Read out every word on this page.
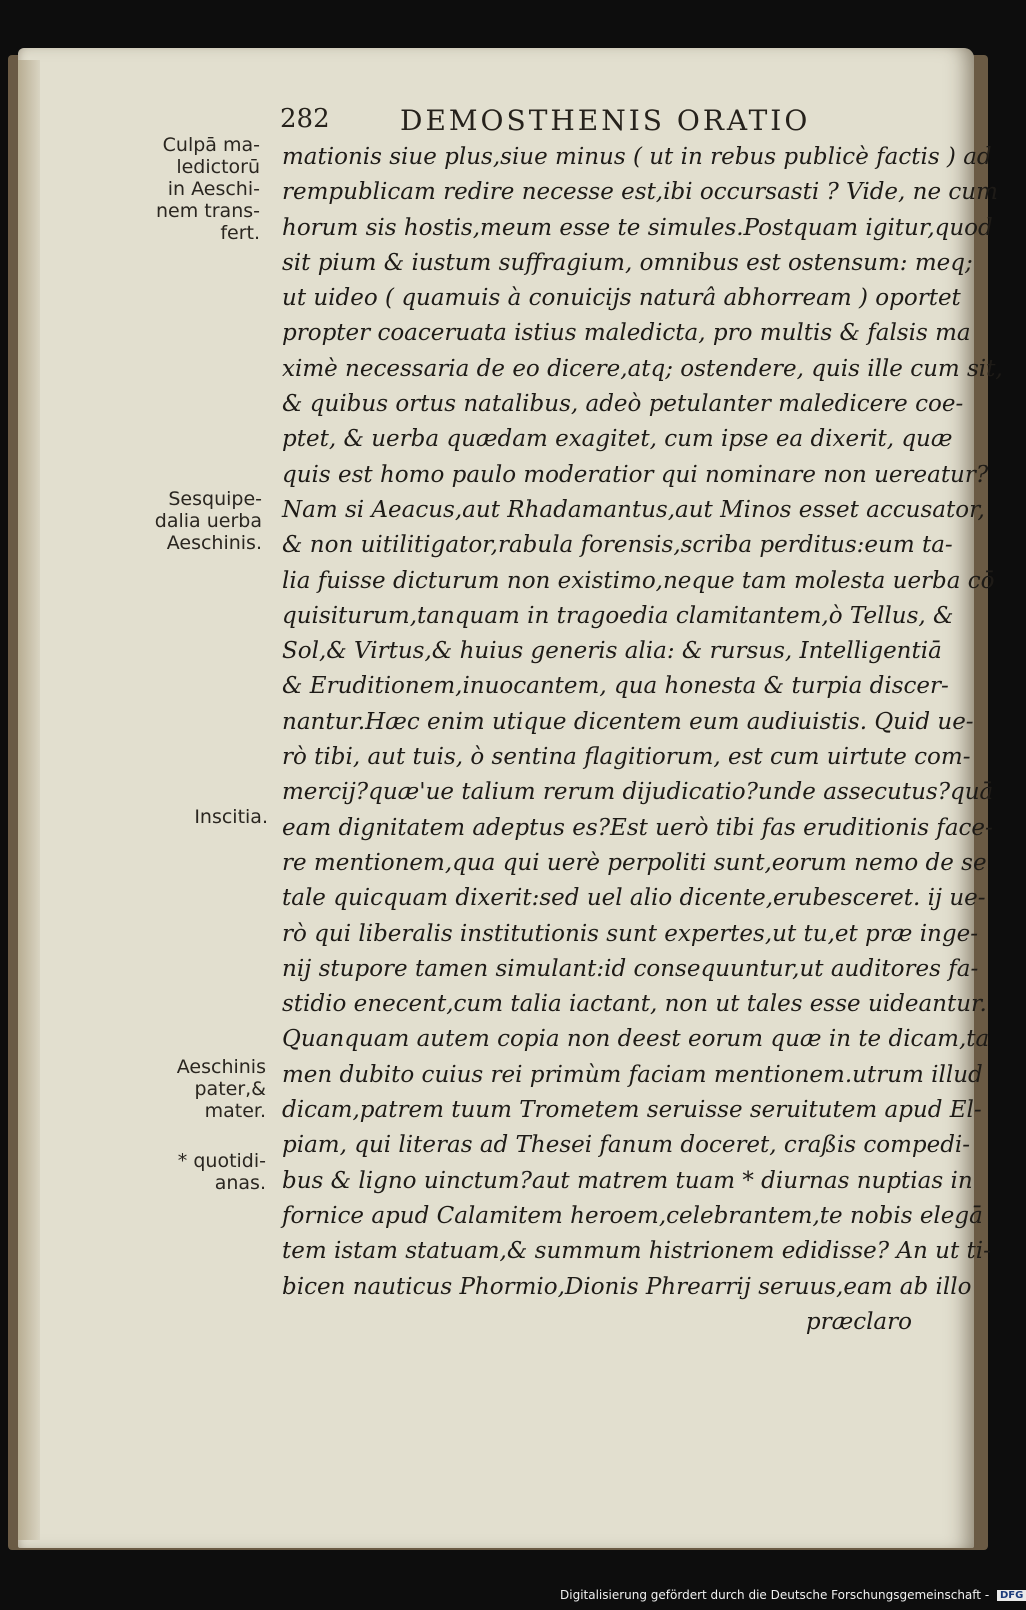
282	DEMOSTHENIS ORATIO
Culpā ma-
ledictorū
in Aeschi-
nem trans-
fert.
Sesquipe-
dalia uerba
Aeschinis.
Inscitia.
Aeschinis
pater,&
mater.
* quotidi-
anas.
mationis siue plus,siue minus ( ut in rebus publicè factis ) ad
rempublicam redire necesse est,ibi occursasti ? Vide, ne cum
horum sis hostis,meum esse te simules.Postquam igitur,quod
sit pium & iustum suffragium, omnibus est ostensum: meq;
ut uideo ( quamuis à conuicijs naturâ abhorream ) oportet
propter coaceruata istius maledicta, pro multis & falsis ma
ximè necessaria de eo dicere,atq; ostendere, quis ille cum sit,
& quibus ortus natalibus, adeò petulanter maledicere coe-
ptet, & uerba quædam exagitet, cum ipse ea dixerit, quæ
quis est homo paulo moderatior qui nominare non uereatur?
Nam si Aeacus,aut Rhadamantus,aut Minos esset accusator,
& non uitilitigator,rabula forensis,scriba perditus:eum ta-
lia fuisse dicturum non existimo,neque tam molesta uerba cō
quisiturum,tanquam in tragoedia clamitantem,ò Tellus, &
Sol,& Virtus,& huius generis alia: & rursus, Intelligentiā
& Eruditionem,inuocantem, qua honesta & turpia discer-
nantur.Hæc enim utique dicentem eum audiuistis. Quid ue-
rò tibi, aut tuis, ò sentina flagitiorum, est cum uirtute com-
mercij?quæ'ue talium rerum dijudicatio?unde assecutus?quā
eam dignitatem adeptus es?Est uerò tibi fas eruditionis face-
re mentionem,qua qui uerè perpoliti sunt,eorum nemo de se
tale quicquam dixerit:sed uel alio dicente,erubesceret. ij ue-
rò qui liberalis institutionis sunt expertes,ut tu,et præ inge-
nij stupore tamen simulant:id consequuntur,ut auditores fa-
stidio enecent,cum talia iactant, non ut tales esse uideantur.
Quanquam autem copia non deest eorum quæ in te dicam,ta
men dubito cuius rei primùm faciam mentionem.utrum illud
dicam,patrem tuum Trometem seruisse seruitutem apud El-
piam, qui literas ad Thesei fanum doceret, craßis compedi-
bus & ligno uinctum?aut matrem tuam * diurnas nuptias in
fornice apud Calamitem heroem,celebrantem,te nobis elegā
tem istam statuam,& summum histrionem edidisse? An ut ti-
bicen nauticus Phormio,Dionis Phrearrij seruus,eam ab illo
præclaro
Digitalisierung gefördert durch die Deutsche Forschungsgemeinschaft - DFG
